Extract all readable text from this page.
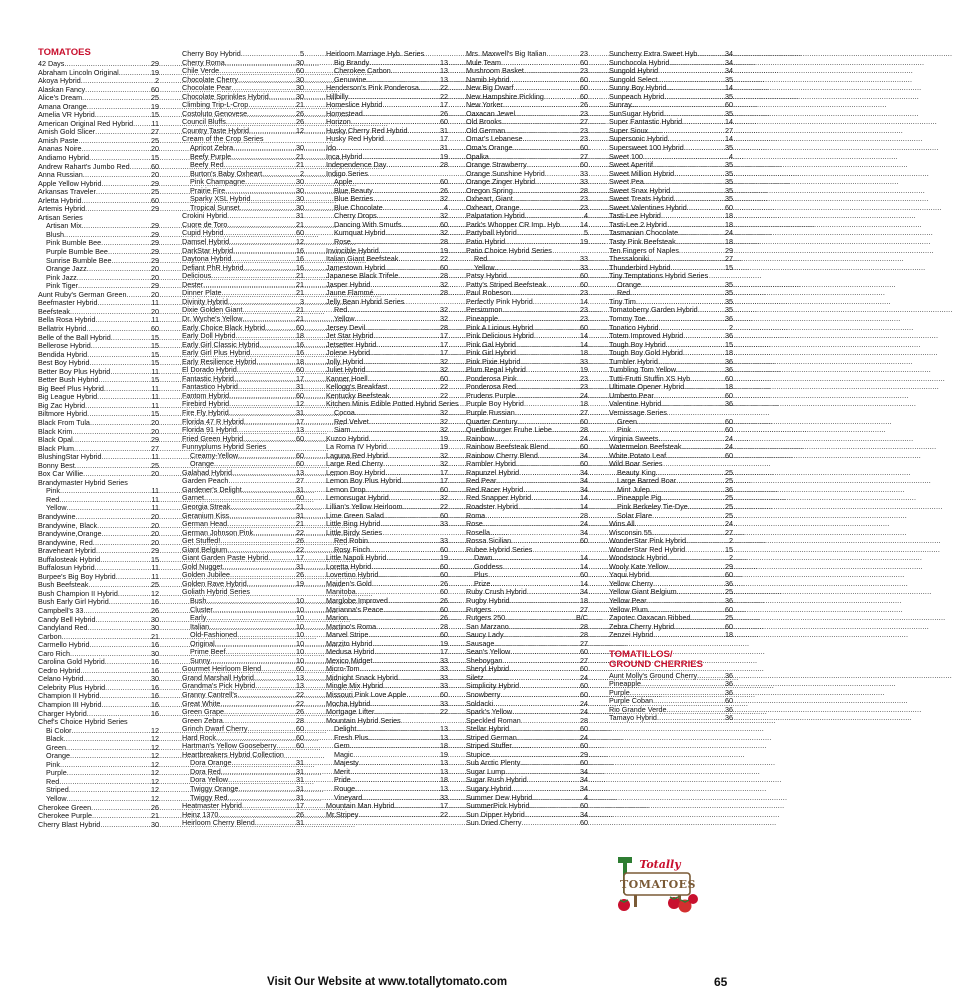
TOMATOES
42 Days .....	29
Abraham Lincoln Original .....	19
Akoya Hybrid .....	2
Alaskan Fancy .....	60
Alice's Dream .....	25
Amana Orange .....	19
Amelia VR Hybrid .....	15
American Original Red Hybrid .....	11
Amish Gold Slicer .....	27
Amish Paste .....	25
Ananas Noire .....	20
Andiamo Hybrid .....	15
Andrew Rahart's Jumbo Red .....	60
Anna Russian .....	20
Apple Yellow Hybrid .....	29
Arkansas Traveler .....	25
Arletta Hybrid .....	60
Artemis Hybrid .....	29
Artisan Series
Artisan Mix .....	29
Blush .....	29
Pink Bumble Bee .....	29
Purple Bumble Bee .....	29
Sunrise Bumble Bee .....	29
Orange Jazz .....	20
Pink Jazz .....	20
Pink Tiger .....	29
Aunt Ruby's German Green .....	20
Beefmaster Hybrid .....	11
Beefsteak .....	20
Bella Rosa Hybrid .....	11
Bellatrix Hybrid .....	60
Belle of the Ball Hybrid .....	15
Bellerose Hybrid .....	15
Bendida Hybrid .....	15
Best Boy Hybrid .....	15
Better Boy Plus Hybrid .....	11
Better Bush Hybrid .....	15
Big Beef Plus Hybrid .....	11
Big League Hybrid .....	11
Big Zac Hybrid .....	11
Biltmore Hybrid .....	15
Black From Tula .....	20
Black Krim .....	20
Black Opal .....	29
Black Plum .....	27
BlushingStar Hybrid .....	11
Bonny Best .....	25
Box Car Willie .....	20
Brandymaster Hybrid Series
Pink .....	11
Red .....	11
Yellow .....	11
Brandywine .....	20
Brandywine, Black .....	20
Brandywine,Orange .....	20
Brandywine, Red .....	20
Braveheart Hybrid .....	29
Buffalosteak Hybrid .....	15
Buffalosun Hybrid .....	11
Burpee's Big Boy Hybrid .....	11
Bush Beefsteak .....	25
Bush Champion II Hybrid .....	12
Bush Early Girl Hybrid .....	16
Campbell's 33 .....	26
Candy Bell Hybrid .....	30
Candyland Red .....	30
Carbon .....	21
Carmello Hybrid .....	16
Caro Rich .....	30
Carolina Gold Hybrid .....	16
Cedro Hybrid .....	16
Celano Hybrid .....	30
Celebrity Plus Hybrid .....	16
Champion II Hybrid .....	16
Champion III Hybrid .....	16
Charger Hybrid .....	16
Chef's Choice Hybrid Series
Bi Color .....	12
Black .....	12
Green .....	12
Orange .....	12
Pink .....	12
Purple .....	12
Red .....	12
Striped .....	12
Yellow .....	12
Cherokee Green .....	26
Cherokee Purple .....	21
Cherry Blast Hybrid .....	30
Cherry Boy Hybrid .....	5
Cherry Roma .....	30
Chile Verde .....	60
Chocolate Cherry .....	30
Chocolate Pear .....	30
Chocolate Sprinkles Hybrid .....	30
Climbing Trip-L-Crop .....	21
Costoluto Genovese .....	26
Council Bluffs .....	26
Country Taste Hybrid .....	12
Cream of the Crop Series
Apricot Zebra .....	30
Beefy Purple .....	21
Beefy Red .....	21
Burton's Baby Oxheart .....	2
Pink Champagne .....	30
Prairie Fire .....	30
Sparky XSL Hybrid .....	30
Tropical Sunset .....	30
Crokini Hybrid .....	31
Cuore de Toro .....	21
Cupid Hybrid .....	60
Damsel Hybrid .....	12
DarkStar Hybrid .....	16
Daytona Hybrid .....	16
Defiant PhR Hybrid .....	16
Delicious .....	21
Dester .....	21
Dinner Plate .....	21
Divinity Hybrid .....	3
Dixie Golden Giant .....	21
Dr. Wyche's Yellow .....	21
Early Choice Black Hybrid .....	60
Early Doll Hybrid .....	18
Early Girl Classic Hybrid .....	16
Early Girl Plus Hybrid .....	16
Early Resilience Hybrid .....	18
El Dorado Hybrid .....	60
Fantastic Hybrid .....	17
Fantastico Hybrid .....	31
Fantom Hybrid .....	60
Firebird Hybrid .....	12
Fire Fly Hybrid .....	31
Florida 47 R Hybrid .....	17
Florida 91 Hybrid .....	13
Fried Green Hybrid .....	60
Funnyplums Hybrid Series
Creamy-Yellow .....	60
Orange .....	60
Galahad Hybrid .....	13
Garden Peach .....	27
Gardener's Delight .....	31
Garnet .....	60
Georgia Streak .....	21
Geranium Kiss .....	31
German Head .....	21
German Johnson Pink .....	22
Get Stuffed! .....	26
Giant Belgium .....	22
Giant Garden Paste Hybrid .....	17
Gold Nugget .....	31
Golden Jubilee .....	26
Golden Rave Hybrid .....	19
Goliath Hybrid Series
Bush .....	10
Cluster .....	10
Early .....	10
Italian .....	10
Old-Fashioned .....	10
Original .....	10
Prime Beef .....	10
Sunny .....	10
Gourmet Heirloom Blend .....	60
Grand Marshall Hybrid .....	13
Grandma's Pick Hybrid .....	13
Granny Cantrell's .....	22
Great White .....	22
Green Grape .....	26
Green Zebra .....	28
Grinch Dwarf Cherry .....	60
Hard Rock .....	60
Hartman's Yellow Gooseberry .....	60
Heartbreakers Hybrid Collection
Dora Orange .....	31
Dora Red .....	31
Dora Yellow .....	31
Twiggy Orange .....	31
Twiggy Red .....	31
Heatmaster Hybrid .....	17
Heinz 1370 .....	26
Heirloom Cherry Blend .....	31
Heirloom Marriage Hyb. Series
Big Brandy .....	13
Cherokee Carbon .....	13
Genuwine .....	13
Henderson's Pink Ponderosa .....	22
Hillbilly .....	22
Homeslice Hybrid .....	17
Homestead .....	26
Horizon .....	60
Husky Cherry Red Hybrid .....	31
Husky Red Hybrid .....	17
Ido .....	31
Inca Hybrid .....	19
Independence Day .....	28
Indigo Series
Apple .....	60
Blue Beauty .....	26
Blue Berries .....	32
Blue Chocolate .....	4
Cherry Drops .....	32
Dancing With Smurfs .....	60
Kumquat Hybrid .....	32
Rose .....	28
Invincible Hybrid .....	19
Italian Giant Beefsteak .....	22
Jamestown Hybrid .....	60
Japanese Black Trifele .....	28
Jasper Hybrid .....	32
Jaune Flammé .....	28
Jelly Bean Hybrid Series
Red .....	32
Yellow .....	32
Jersey Devil .....	28
Jet Star Hybrid .....	17
Jetsetter Hybrid .....	17
Jolene Hybrid .....	17
Jolly Hybrid .....	32
Juliet Hybrid .....	32
Kanner Hoell .....	60
Kellogg's Breakfast .....	22
Kentucky Beefsteak .....	22
Kitchen Minis Edible Potted Hybrid Series
Cocoa .....	32
Red Velvet .....	32
Siam .....	32
Kuzco Hybrid .....	19
La Roma IV Hybrid .....	19
Laguna Red Hybrid .....	32
Large Red Cherry .....	32
Lemon Boy Hybrid .....	17
Lemon Boy Plus Hybrid .....	17
Lemon Drop .....	60
Lemonsugar Hybrid .....	32
Lillian's Yellow Heirloom .....	22
Lime Green Salad .....	60
Little Bing Hybrid .....	33
Little Birdy Series
Red Robin .....	33
Rosy Finch .....	60
Little Napoli Hybrid .....	19
Loretta Hybrid .....	60
Lovertino Hybrid .....	60
Maiden's Gold .....	26
Manitoba .....	60
Marglobe Improved .....	26
Marianna's Peace .....	60
Marion .....	26
Martino's Roma .....	28
Marvel Stripe .....	60
Marzito Hybrid .....	19
Medusa Hybrid .....	17
Mexico Midget .....	33
Micro-Tom .....	33
Midnight Snack Hybrid .....	33
Mingle Mix Hybrid .....	33
Missouri Pink Love Apple .....	60
Mocha Hybrid .....	33
Mortgage Lifter .....	22
Mountain Hybrid Series
Delight .....	13
Fresh Plus .....	13
Gem .....	18
Magic .....	19
Majesty .....	13
Merit .....	13
Pride .....	18
Rouge .....	13
Vineyard .....	33
Mountain Man Hybrid .....	17
Mr.Stripey .....	22
Mrs. Maxwell's Big Italian .....	23
Mule Team .....	60
Mushroom Basket .....	23
Namib Hybrid .....	60
New Big Dwarf .....	60
New Hampshire Pickling .....	60
New Yorker .....	26
Oaxacan Jewel .....	23
Old Brooks .....	27
Old German .....	23
Omar's Lebanese .....	23
Oma's Orange .....	60
Opalka .....	27
Orange Strawberry .....	60
Orange Sunshine Hybrid .....	33
Orange Zinger Hybrid .....	33
Oregon Spring .....	28
Oxheart, Giant .....	23
Oxheart, Orange .....	23
Palpatation Hybrid .....	4
Park's Whopper CR Imp. Hyb .....	14
Partyball Hybrid .....	5
Patio Hybrid .....	19
Patio Choice Hybrid Series
Red .....	33
Yellow .....	33
Patsy Hybrid .....	60
Patty's Striped Beefsteak .....	60
Paul Robeson .....	23
Perfectly Pink Hybrid .....	14
Persimmon .....	23
Pineapple .....	23
Pink A Licious Hybrid .....	60
Pink Delicious Hybrid .....	14
Pink Gal Hybrid .....	14
Pink Girl Hybrid .....	18
Pink Pixie Hybrid .....	33
Plum Regal Hybrid .....	19
Ponderosa Pink .....	23
Ponderosa Red .....	23
Prudens Purple .....	24
Purple Boy Hybrid .....	18
Purple Russian .....	27
Quarter Century .....	60
Quedlinburger Fruhe Liebe .....	28
Rainbow .....	24
Rainbow Beefsteak Blend .....	60
Rainbow Cherry Blend .....	34
Rambler Hybrid .....	60
Rapunzel Hybrid .....	34
Red Pear .....	34
Red Racer Hybrid .....	34
Red Snapper Hybrid .....	14
Roadster Hybrid .....	14
Roma .....	28
Rose .....	24
Rosella .....	34
Rossa Sicilian .....	60
Rubee Hybrid Series
Dawn .....	14
Goddess .....	14
Plus .....	60
Prize .....	14
Ruby Crush Hybrid .....	34
Rugby Hybrid .....	18
Rutgers .....	27
Rutgers 250 .....	B/C
San Marzano .....	28
Saucy Lady .....	28
Sausage .....	27
Sean's Yellow .....	60
Sheboygan .....	27
Sheryl Hybrid .....	60
Siletz .....	24
Simplicity Hybrid .....	60
Snowberry .....	60
Soldacki .....	24
Spark's Yellow .....	24
Speckled Roman .....	28
Stellar Hybrid .....	60
Striped German .....	24
Striped Stuffer .....	60
Stupice .....	29
Sub Arctic Plenty .....	60
Sugar Lump .....	34
Sugar Rush Hybrid .....	34
Sugary Hybrid .....	34
Summer Dew Hybrid .....	4
SummerPick Hybrid .....	60
Sun Dipper Hybrid .....	34
Sun Dried Cherry .....	60
Suncherry Extra Sweet Hyb .....	34
Sunchocola Hybrid .....	34
Sungold Hybrid .....	34
Sungold Select .....	35
Sunny Boy Hybrid .....	14
Sunpeach Hybrid .....	35
Sunray .....	60
SunSugar Hybrid .....	35
Super Fantastic Hybrid .....	14
Super Sioux .....	27
Supersonic Hybrid .....	14
Supersweet 100 Hybrid .....	35
Sweet 100 .....	4
Sweet Aperitif .....	35
Sweet Million Hybrid .....	35
Sweet Pea .....	35
Sweet Snax Hybrid .....	35
Sweet Treats Hybrid .....	35
Sweet Valentines Hybrid .....	60
Tasti-Lee Hybrid .....	18
Tasti-Lee 2 Hybrid .....	18
Tasmanian Chocolate .....	24
Tasty Pink Beefsteak .....	18
Ten Fingers of Naples .....	29
Thessaloniki .....	27
Thunderbird Hybrid .....	15
Tiny Temptations Hybrid Series
Orange .....	35
Red .....	35
Tiny Tim .....	35
Tomatoberry Garden Hybrid .....	35
Tommy Toe .....	36
Tonatico Hybrid .....	2
Totem Improved Hybrid .....	36
Tough Boy Hybrid .....	15
Tough Boy Gold Hybrid .....	18
Tumbler Hybrid .....	36
Tumbling Tom Yellow .....	36
Tutti-Frutti Stuffin XS Hyb .....	60
Ultimate Opener Hybrid .....	18
Umberto Pear .....	60
Valentine Hybrid .....	36
Vernissage Series
Green .....	60
Pink .....	60
Virginia Sweets .....	24
Watermelon Beefsteak .....	24
White Potato Leaf .....	60
Wild Boar Series
Beauty King .....	25
Large Barred Boar .....	25
Mint Julep .....	36
Pineapple Pig .....	25
Pink Berkeley Tie-Dye .....	25
Solar Flare .....	25
Wins All .....	24
Wisconsin 55 .....	27
WonderStar Pink Hybrid .....	2
WonderStar Red Hybrid .....	15
Woodstock Hybrid .....	2
Wooly Kate Yellow .....	29
Yaqui Hybrid .....	60
Yellow Cherry .....	36
Yellow Giant Belgium .....	25
Yellow Pear .....	36
Yellow Plum .....	60
Zapotec Oaxacan Ribbed .....	25
Zebra Cherry Hybrid .....	60
Zenzei Hybrid .....	18
TOMATILLOS/
GROUND CHERRIES
Aunt Molly's Ground Cherry .....	36
Pineapple .....	36
Purple .....	36
Purple Coban .....	60
Rio Grande Verde .....	36
Tamayo Hybrid .....	36
Totally
TOMATOES
Visit Our Website at www.totallytomato.com	65
